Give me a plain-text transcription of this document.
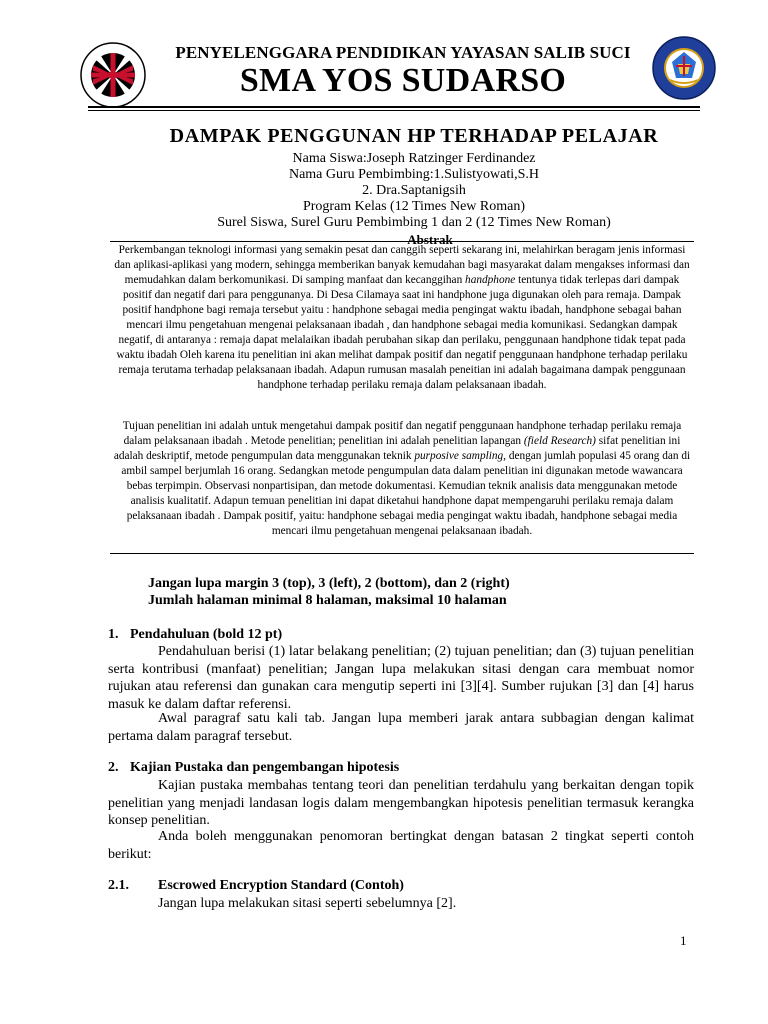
PENYELENGGARA PENDIDIKAN YAYASAN SALIB SUCI
SMA YOS SUDARSO
DAMPAK PENGGUNAN HP TERHADAP PELAJAR
Nama Siswa:Joseph Ratzinger Ferdinandez
Nama Guru Pembimbing:1.Sulistyowati,S.H
2. Dra.Saptanigsih
Program Kelas (12 Times New Roman)
Surel Siswa, Surel Guru Pembimbing 1 dan 2 (12 Times New Roman)
Abstrak

Perkembangan teknologi informasi yang semakin pesat dan canggih seperti sekarang ini, melahirkan beragam jenis informasi dan aplikasi-aplikasi yang modern, sehingga memberikan banyak kemudahan bagi masyarakat dalam mengakses informasi dan memudahkan dalam berkomunikasi. Di samping manfaat dan kecanggihan handphone tentunya tidak terlepas dari dampak positif dan negatif dari para penggunanya. Di Desa Cilamaya saat ini handphone juga digunakan oleh para remaja. Dampak positif handphone bagi remaja tersebut yaitu : handphone sebagai media pengingat waktu ibadah, handphone sebagai bahan mencari ilmu pengetahuan mengenai pelaksanaan ibadah , dan handphone sebagai media komunikasi. Sedangkan dampak negatif, di antaranya : remaja dapat melalaikan ibadah perubahan sikap dan perilaku, penggunaan handphone tidak tepat pada waktu ibadah Oleh karena itu penelitian ini akan melihat dampak positif dan negatif penggunaan handphone terhadap perilaku remaja terutama terhadap pelaksanaan ibadah. Adapun rumusan masalah peneitian ini adalah bagaimana dampak penggunaan handphone terhadap perilaku remaja dalam pelaksanaan ibadah.

Tujuan penelitian ini adalah untuk mengetahui dampak positif dan negatif penggunaan handphone terhadap perilaku remaja dalam pelaksanaan ibadah . Metode penelitian; penelitian ini adalah penelitian lapangan (field Research) sifat penelitian ini adalah deskriptif, metode pengumpulan data menggunakan teknik purposive sampling, dengan jumlah populasi 45 orang dan di ambil sampel berjumlah 16 orang. Sedangkan metode pengumpulan data dalam penelitian ini digunakan metode wawancara bebas terpimpin. Observasi nonpartisipan, dan metode dokumentasi. Kemudian teknik analisis data menggunakan metode analisis kualitatif. Adapun temuan penelitian ini dapat diketahui handphone dapat mempengaruhi perilaku remaja dalam pelaksanaan ibadah . Dampak positif, yaitu: handphone sebagai media pengingat waktu ibadah, handphone sebagai media mencari ilmu pengetahuan mengenai pelaksanaan ibadah.

Jangan lupa margin 3 (top), 3 (left), 2 (bottom), dan 2 (right)
Jumlah halaman minimal 8 halaman, maksimal 10 halaman
1. Pendahuluan (bold 12 pt)

Pendahuluan berisi (1) latar belakang penelitian; (2) tujuan penelitian; dan (3) tujuan penelitian serta kontribusi (manfaat) penelitian; Jangan lupa melakukan sitasi dengan cara membuat nomor rujukan atau referensi dan gunakan cara mengutip seperti ini [3][4]. Sumber rujukan [3] dan [4] harus masuk ke dalam daftar referensi.

Awal paragraf satu kali tab. Jangan lupa memberi jarak antara subbagian dengan kalimat pertama dalam paragraf tersebut.

2. Kajian Pustaka dan pengembangan hipotesis

Kajian pustaka membahas tentang teori dan penelitian terdahulu yang berkaitan dengan topik penelitian yang menjadi landasan logis dalam mengembangkan hipotesis penelitian termasuk kerangka konsep penelitian.

Anda boleh menggunakan penomoran bertingkat dengan batasan 2 tingkat seperti contoh berikut:

2.1. Escrowed Encryption Standard (Contoh)

Jangan lupa melakukan sitasi seperti sebelumnya [2].

1
